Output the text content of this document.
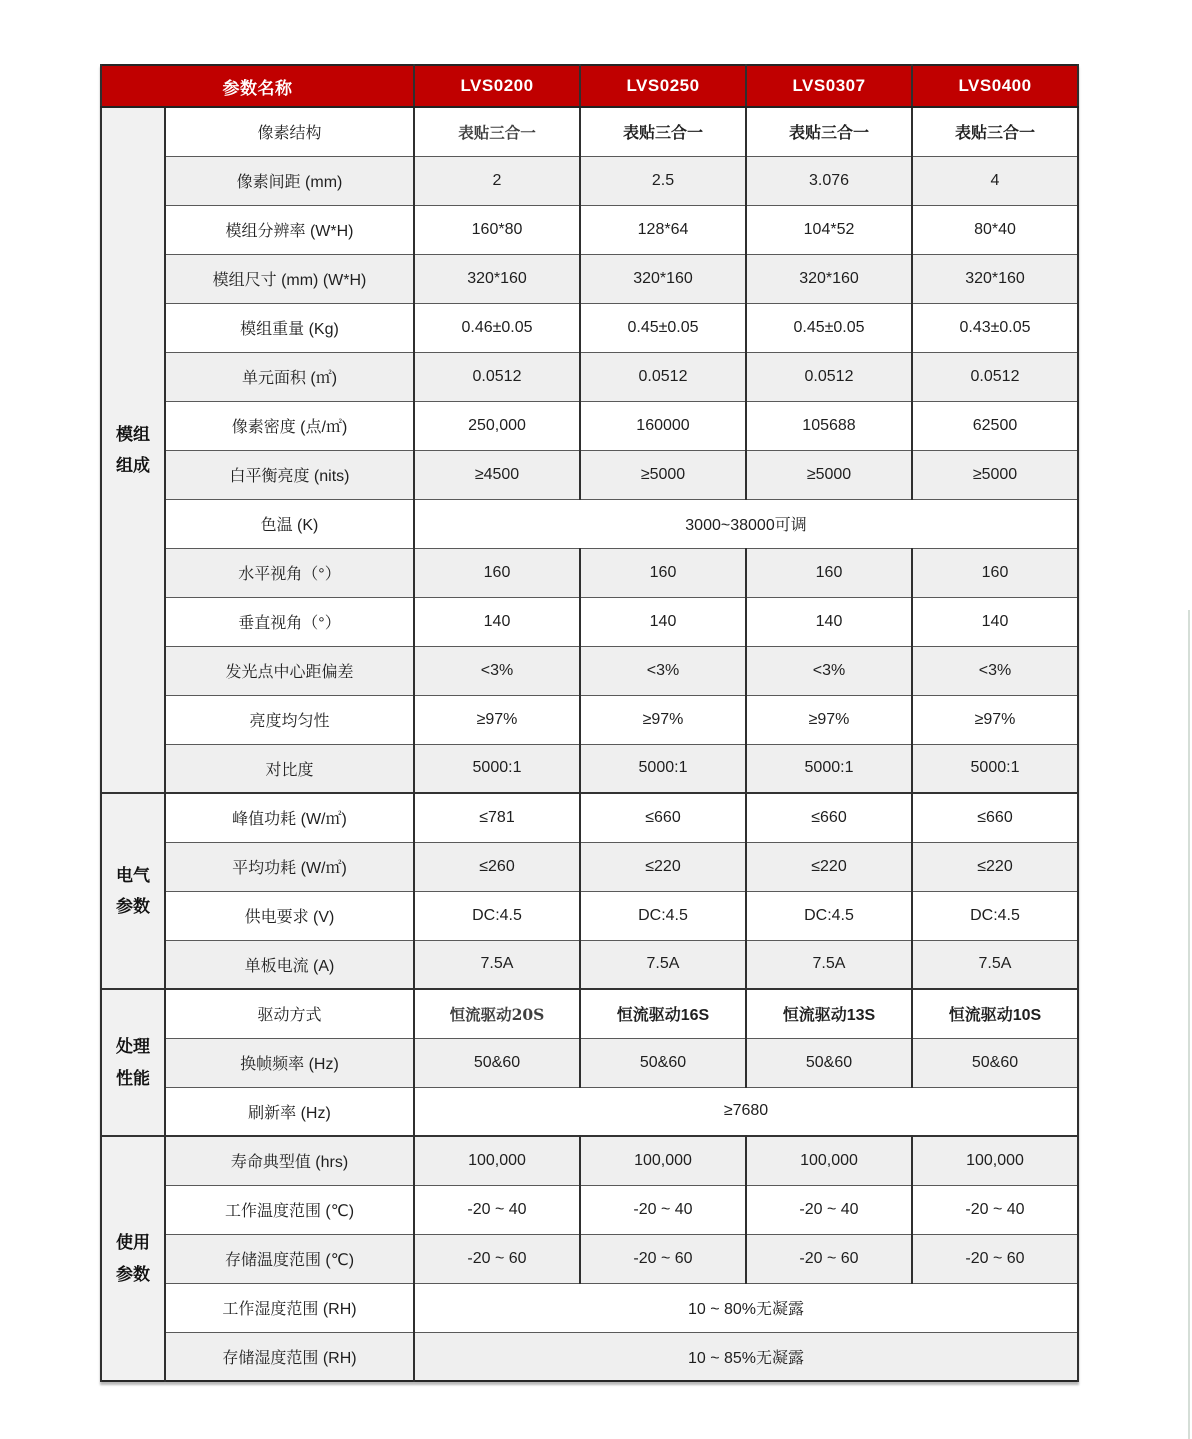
参数名称		LVS0200	LVS0250	LVS0307	LVS0400

模组
组成	像素结构	表贴三合一	表贴三合一	表贴三合一	表贴三合一
	像素间距 (mm)	2	2.5	3.076	4
	模组分辨率 (W*H)	160*80	128*64	104*52	80*40
	模组尺寸 (mm) (W*H)	320*160	320*160	320*160	320*160
	模组重量 (Kg)	0.46±0.05	0.45±0.05	0.45±0.05	0.43±0.05
	单元面积 (㎡)	0.0512	0.0512	0.0512	0.0512
	像素密度 (点/㎡)	250,000	160000	105688	62500
	白平衡亮度 (nits)	≥4500	≥5000	≥5000	≥5000
	色温 (K)	3000~38000可调			
	水平视角（°）	160	160	160	160
	垂直视角（°）	140	140	140	140
	发光点中心距偏差	<3%	<3%	<3%	<3%
	亮度均匀性	≥97%	≥97%	≥97%	≥97%
	对比度	5000:1	5000:1	5000:1	5000:1

电气
参数	峰值功耗 (W/㎡)	≤781	≤660	≤660	≤660
	平均功耗 (W/㎡)	≤260	≤220	≤220	≤220
	供电要求 (V)	DC:4.5	DC:4.5	DC:4.5	DC:4.5
	单板电流 (A)	7.5A	7.5A	7.5A	7.5A

处理
性能	驱动方式	恒流驱动20S	恒流驱动16S	恒流驱动13S	恒流驱动10S
	换帧频率 (Hz)	50&60	50&60	50&60	50&60
	刷新率 (Hz)	≥7680			

使用
参数	寿命典型值 (hrs)	100,000	100,000	100,000	100,000
	工作温度范围 (℃)	-20 ~ 40	-20 ~ 40	-20 ~ 40	-20 ~ 40
	存储温度范围 (℃)	-20 ~ 60	-20 ~ 60	-20 ~ 60	-20 ~ 60
	工作湿度范围 (RH)	10 ~ 80%无凝露			
	存储湿度范围 (RH)	10 ~ 85%无凝露			
